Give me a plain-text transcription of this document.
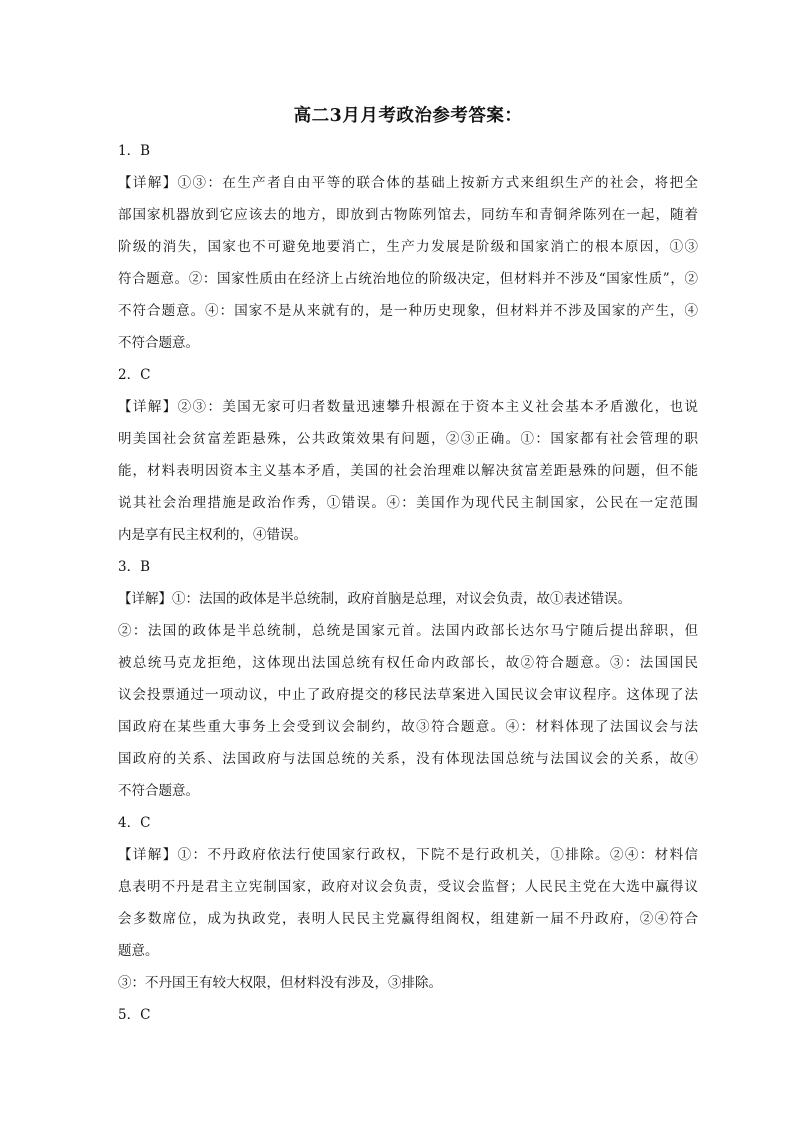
高二3月月考政治参考答案：
1．B
【详解】①③：在生产者自由平等的联合体的基础上按新方式来组织生产的社会，将把全
部国家机器放到它应该去的地方，即放到古物陈列馆去，同纺车和青铜斧陈列在一起，随着
阶级的消失，国家也不可避免地要消亡，生产力发展是阶级和国家消亡的根本原因，①③
符合题意。②：国家性质由在经济上占统治地位的阶级决定，但材料并不涉及“国家性质”，②
不符合题意。④：国家不是从来就有的，是一种历史现象，但材料并不涉及国家的产生，④
不符合题意。
2．C
【详解】②③：美国无家可归者数量迅速攀升根源在于资本主义社会基本矛盾激化，也说
明美国社会贫富差距悬殊，公共政策效果有问题，②③正确。①：国家都有社会管理的职
能，材料表明因资本主义基本矛盾，美国的社会治理难以解决贫富差距悬殊的问题，但不能
说其社会治理措施是政治作秀，①错误。④：美国作为现代民主制国家，公民在一定范围
内是享有民主权利的，④错误。
3．B
【详解】①：法国的政体是半总统制，政府首脑是总理，对议会负责，故①表述错误。
②：法国的政体是半总统制，总统是国家元首。法国内政部长达尔马宁随后提出辞职，但
被总统马克龙拒绝，这体现出法国总统有权任命内政部长，故②符合题意。③：法国国民
议会投票通过一项动议，中止了政府提交的移民法草案进入国民议会审议程序。这体现了法
国政府在某些重大事务上会受到议会制约，故③符合题意。④：材料体现了法国议会与法
国政府的关系、法国政府与法国总统的关系，没有体现法国总统与法国议会的关系，故④
不符合题意。
4．C
【详解】①：不丹政府依法行使国家行政权，下院不是行政机关，①排除。②④：材料信
息表明不丹是君主立宪制国家，政府对议会负责，受议会监督；人民民主党在大选中赢得议
会多数席位，成为执政党，表明人民民主党赢得组阁权，组建新一届不丹政府，②④符合
题意。
③：不丹国王有较大权限，但材料没有涉及，③排除。
5．C
